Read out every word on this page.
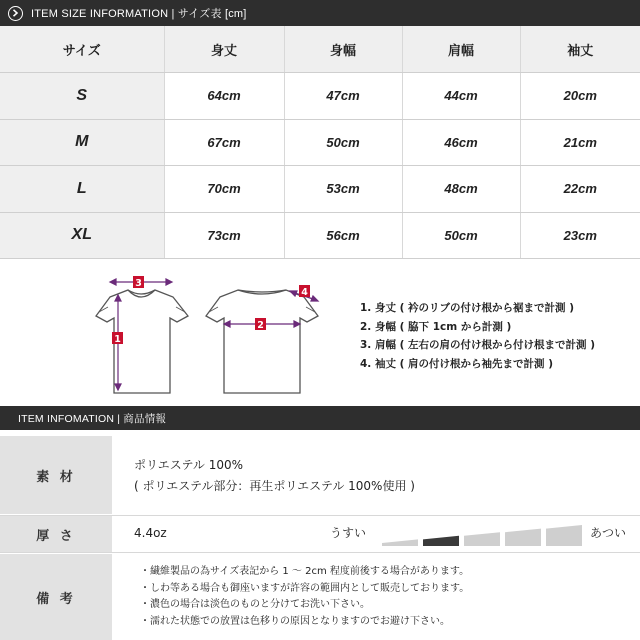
ITEM SIZE INFORMATION | サイズ表 [cm]
サイズ	身丈	身幅	肩幅	袖丈
S	64cm	47cm	44cm	20cm
M	67cm	50cm	46cm	21cm
L	70cm	53cm	48cm	22cm
XL	73cm	56cm	50cm	23cm
3
1
2
4
1. 身丈 ( 衿のリブの付け根から裾まで計測 )
2. 身幅 ( 脇下 1cm から計測 )
3. 肩幅 ( 左右の肩の付け根から付け根まで計測 )
4. 袖丈 ( 肩の付け根から袖先まで計測 )
ITEM INFOMATION | 商品情報
素 材
ポリエステル 100%
( ポリエステル部分：再生ポリエステル 100%使用 )
厚 さ	4.4oz	うすい	あつい
備 考
・繊維製品の為サイズ表記から 1 ～ 2cm 程度前後する場合があります。
・しわ等ある場合も御座いますが許容の範囲内として販売しております。
・濃色の場合は淡色のものと分けてお洗い下さい。
・濡れた状態での放置は色移りの原因となりますのでお避け下さい。
